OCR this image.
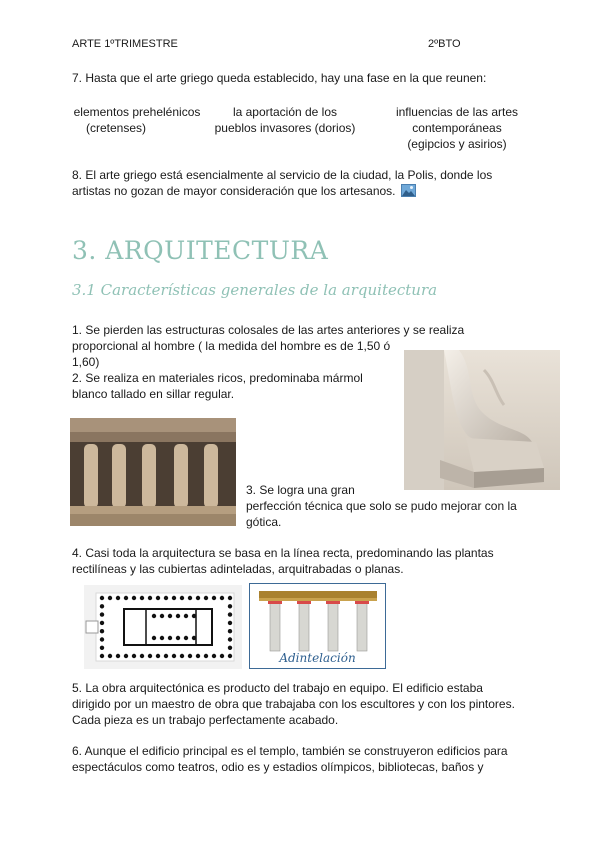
ARTE 1ºTRIMESTRE	2ºBTO
7. Hasta que el arte griego queda establecido, hay una fase en la que reunen:
elementos prehelénicos
(cretenses)
la aportación de los
pueblos invasores (dorios)
influencias de las artes
contemporáneas
(egipcios y asirios)
8. El arte griego está esencialmente al servicio de la ciudad, la Polis, donde los
artistas no gozan de mayor consideración que los artesanos.
3. ARQUITECTURA
3.1 Características generales de la arquitectura
1. Se pierden las estructuras colosales de las artes anteriores y se realiza
proporcional al hombre ( la medida del hombre es de 1,50 ó
1,60)
2. Se realiza en materiales ricos, predominaba mármol
blanco tallado en sillar regular.
3. Se logra una gran
perfección técnica que solo se pudo mejorar con la
gótica.
4. Casi toda la arquitectura se basa en la línea recta, predominando las plantas
rectilíneas y las cubiertas adinteladas, arquitrabadas o planas.
Adintelación
5. La obra arquitectónica es producto del trabajo en equipo. El edificio estaba
dirigido por un maestro de obra que trabajaba con los escultores y con los pintores.
Cada pieza es un trabajo perfectamente acabado.
6. Aunque el edificio principal es el templo, también se construyeron edificios para
espectáculos como teatros, odio es y estadios olímpicos, bibliotecas, baños y
